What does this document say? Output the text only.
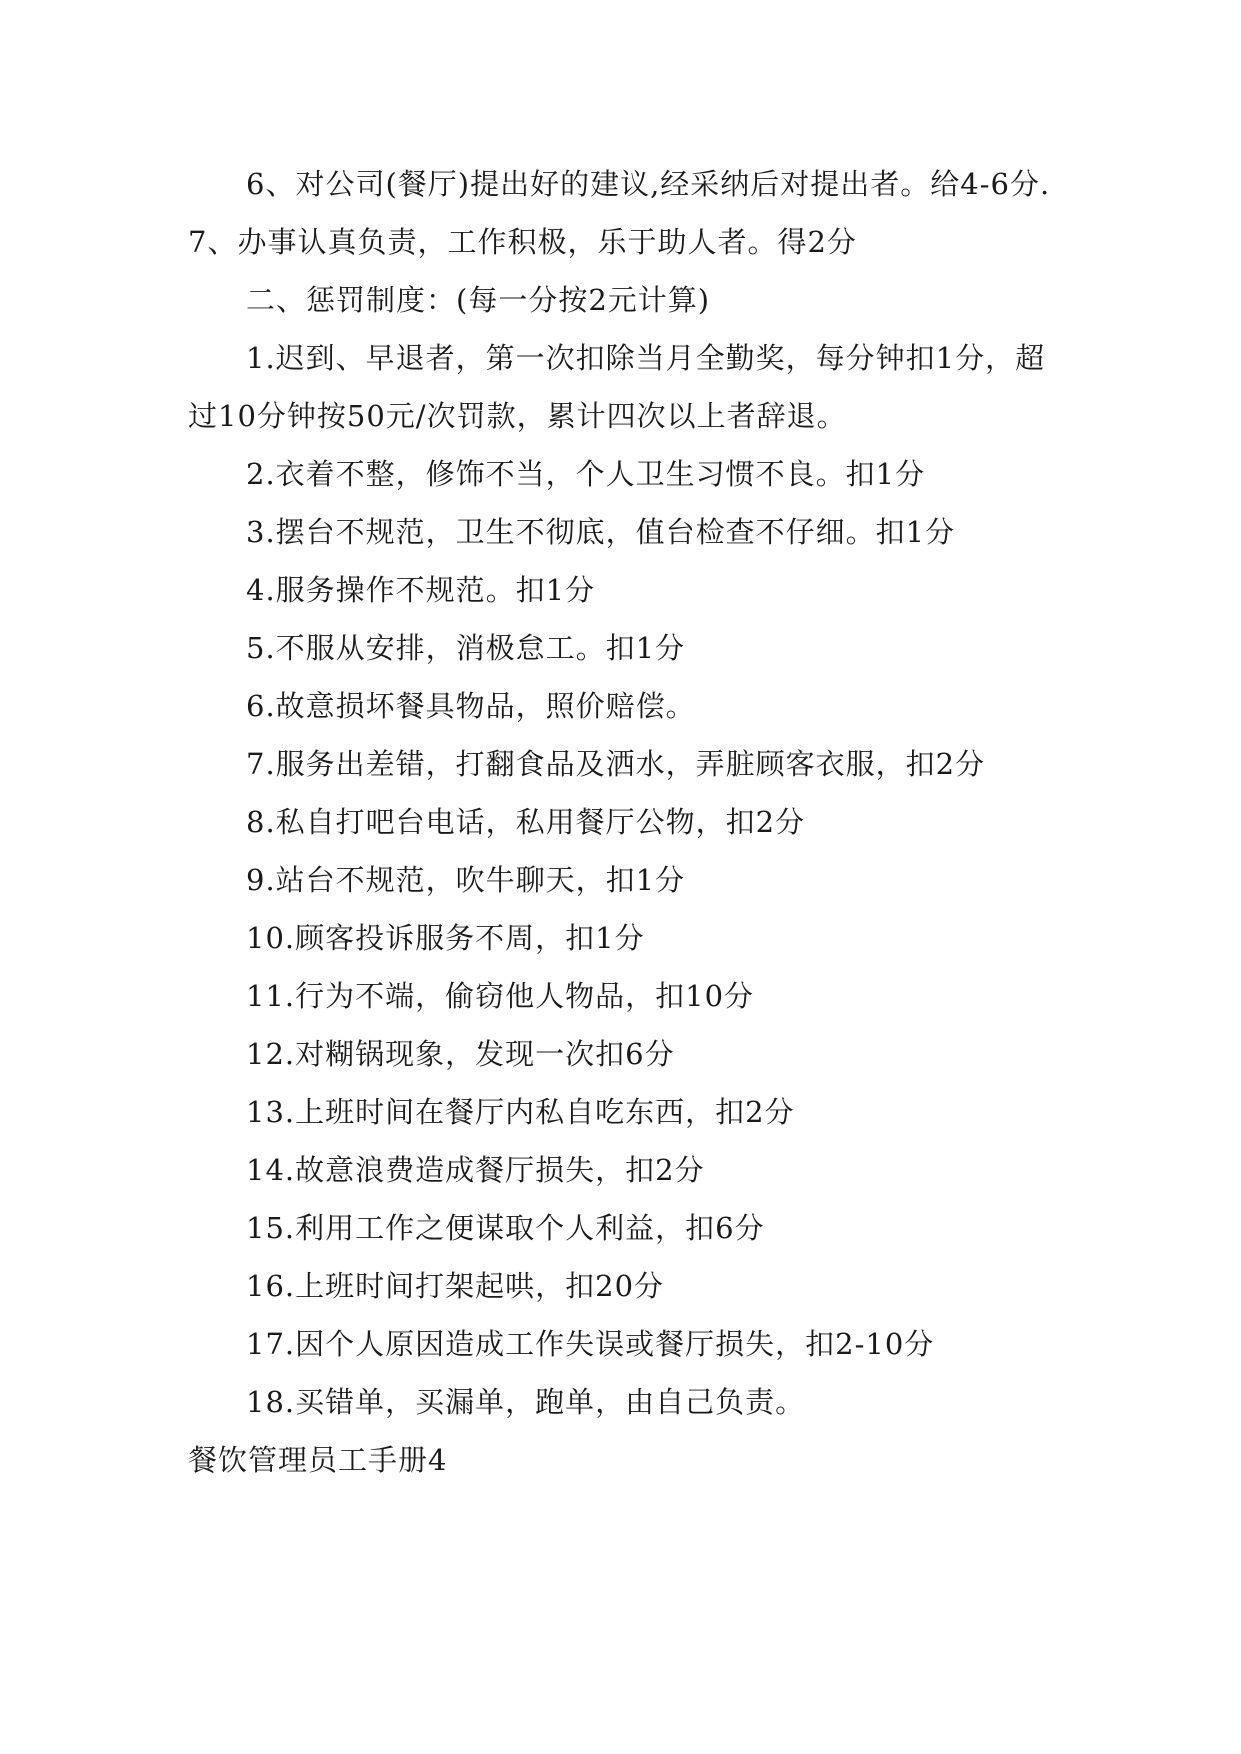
6、对公司(餐厅)提出好的建议,经采纳后对提出者。给4-6分. 7、办事认真负责，工作积极，乐于助人者。得2分

二、惩罚制度：(每一分按2元计算)

1.迟到、早退者，第一次扣除当月全勤奖，每分钟扣1分，超过10分钟按50元/次罚款，累计四次以上者辞退。

2.衣着不整，修饰不当，个人卫生习惯不良。扣1分

3.摆台不规范，卫生不彻底，值台检查不仔细。扣1分

4.服务操作不规范。扣1分

5.不服从安排，消极怠工。扣1分

6.故意损坏餐具物品，照价赔偿。

7.服务出差错，打翻食品及洒水，弄脏顾客衣服，扣2分

8.私自打吧台电话，私用餐厅公物，扣2分

9.站台不规范，吹牛聊天，扣1分

10.顾客投诉服务不周，扣1分

11.行为不端，偷窃他人物品，扣10分

12.对糊锅现象，发现一次扣6分

13.上班时间在餐厅内私自吃东西，扣2分

14.故意浪费造成餐厅损失，扣2分

15.利用工作之便谋取个人利益，扣6分

16.上班时间打架起哄，扣20分

17.因个人原因造成工作失误或餐厅损失，扣2-10分

18.买错单，买漏单，跑单，由自己负责。

餐饮管理员工手册4
